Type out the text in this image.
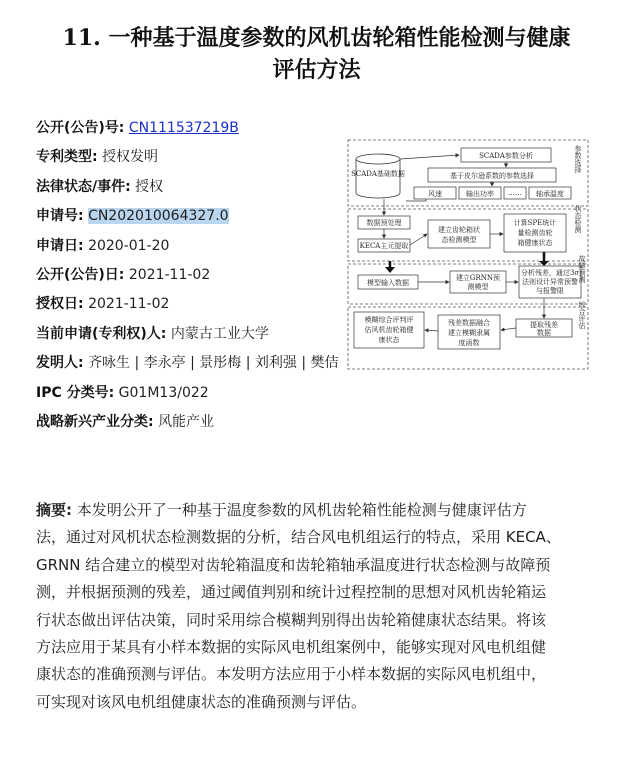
11. 一种基于温度参数的风机齿轮箱性能检测与健康
评估方法
公开(公告)号: CN111537219B
专利类型: 授权发明
法律状态/事件: 授权
申请号: CN202010064327.0
申请日: 2020-01-20
公开(公告)日: 2021-11-02
授权日: 2021-11-02
当前申请(专利权)人: 内蒙古工业大学
发明人: 齐咏生 | 李永亭 | 景彤梅 | 刘利强 | 樊佶
IPC 分类号: G01M13/022
战略新兴产业分类: 风能产业
SCADA基础数据
SCADA参数分析
基于皮尔逊系数的参数选择
风速	输出功率 …… 轴承温度
数据预处理
KECA主元提取
建立齿轮箱状
态检测模型
计算SPE统计
量检测齿轮
箱健康状态
模型输入数据
建立GRNN预
测模型
分析残差，通过3σ
法则设计异常预警
与报警限
模糊综合评判评
估风机齿轮箱健
康状态
残差数据融合
建立模糊隶属
度函数
提取残差
数据
参数选择
状态检测
故障预测
综合评估
摘要: 本发明公开了一种基于温度参数的风机齿轮箱性能检测与健康评估方
法，通过对风机状态检测数据的分析，结合风电机组运行的特点，采用 KECA、
GRNN 结合建立的模型对齿轮箱温度和齿轮箱轴承温度进行状态检测与故障预
测，并根据预测的残差，通过阈值判别和统计过程控制的思想对风机齿轮箱运
行状态做出评估决策，同时采用综合模糊判别得出齿轮箱健康状态结果。将该
方法应用于某具有小样本数据的实际风电机组案例中，能够实现对风电机组健
康状态的准确预测与评估。本发明方法应用于小样本数据的实际风电机组中，
可实现对该风电机组健康状态的准确预测与评估。
